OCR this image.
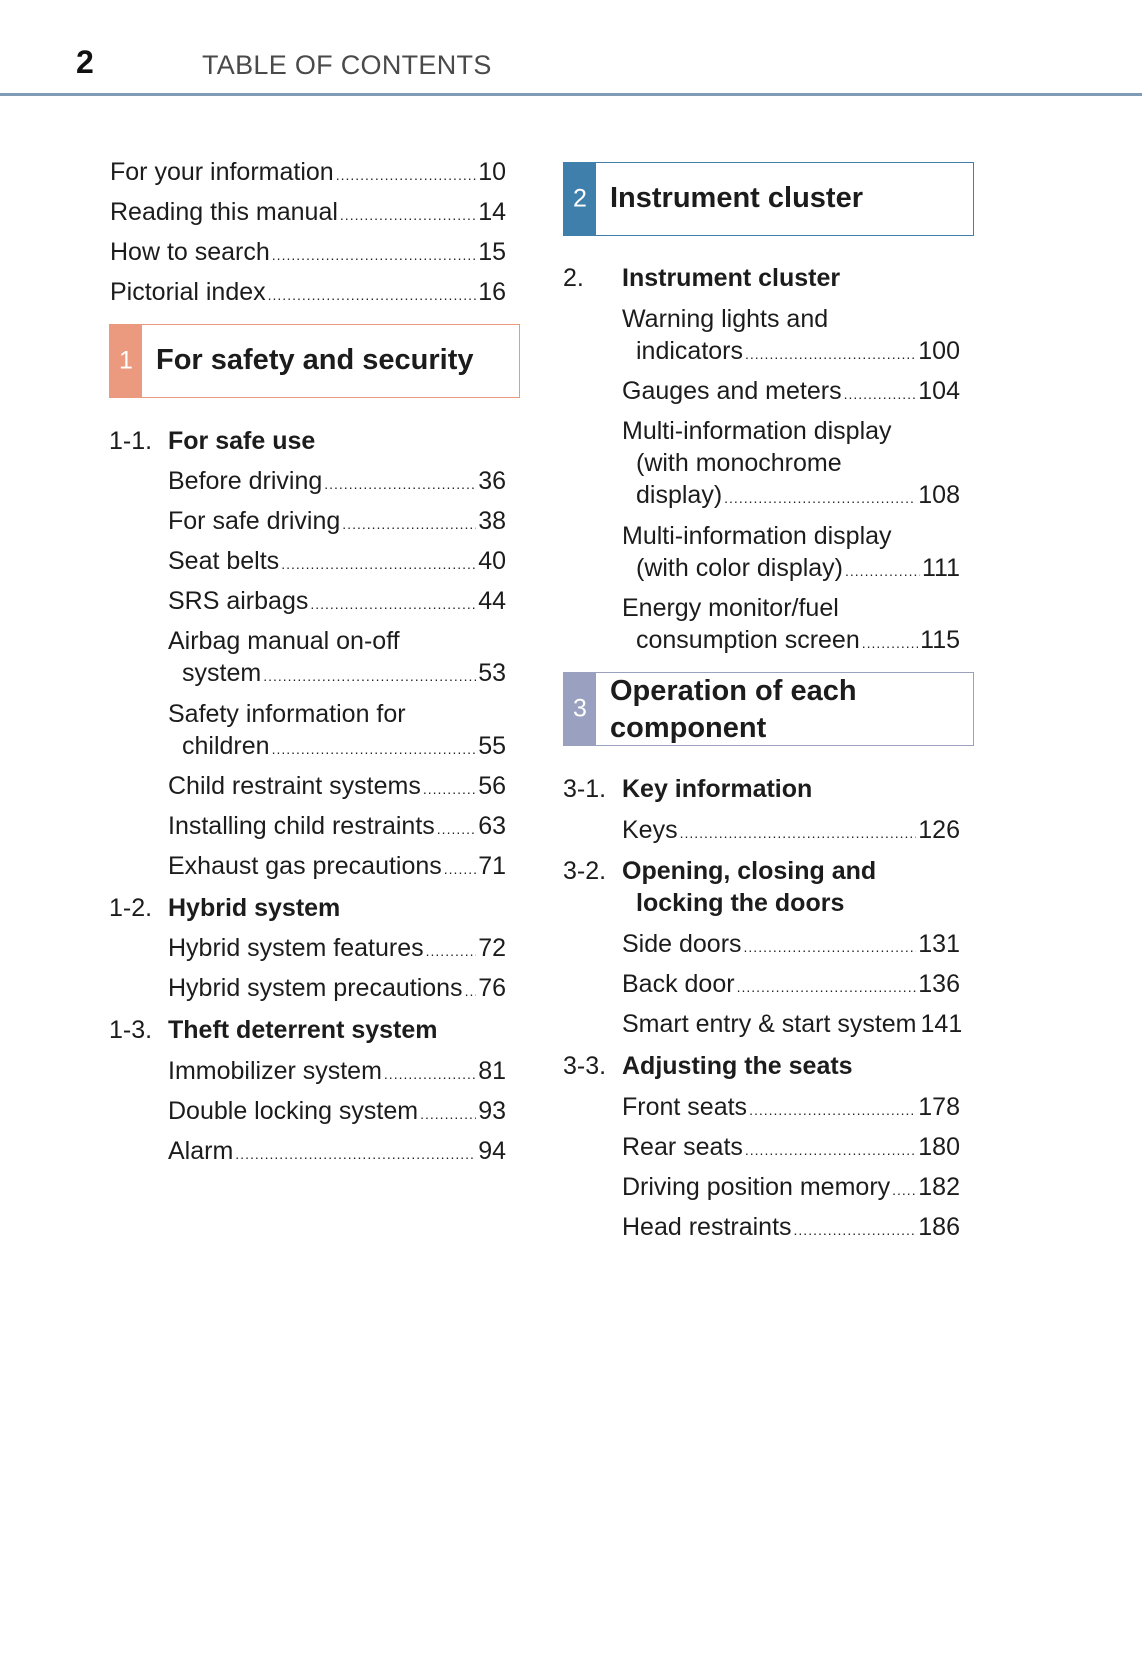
2	TABLE OF CONTENTS
For your information .....	10
Reading this manual .....	14
How to search .....	15
Pictorial index .....	16
1 For safety and security
1-1. For safe use
Before driving .....	36
For safe driving .....	38
Seat belts .....	40
SRS airbags .....	44
Airbag manual on-off
system .....	53
Safety information for
children .....	55
Child restraint systems ..... 56
Installing child restraints ..... 63
Exhaust gas precautions ..... 71
1-2. Hybrid system
Hybrid system features ..... 72
Hybrid system precautions ..... 76
1-3. Theft deterrent system
Immobilizer system .....	81
Double locking system ..... 93
Alarm .....	94
2 Instrument cluster
2. Instrument cluster
Warning lights and
indicators .....	100
Gauges and meters .....	104
Multi-information display
(with monochrome
display) .....	108
Multi-information display
(with color display) .....	111
Energy monitor/fuel
consumption screen ..... 115
3
Operation of each
component
3-1. Key information
Keys .....	126
3-2. Opening, closing and
locking the doors
Side doors .....	131
Back door .....	136
Smart entry & start system 141
3-3. Adjusting the seats
Front seats .....	178
Rear seats .....	180
Driving position memory ..... 182
Head restraints .....	186
